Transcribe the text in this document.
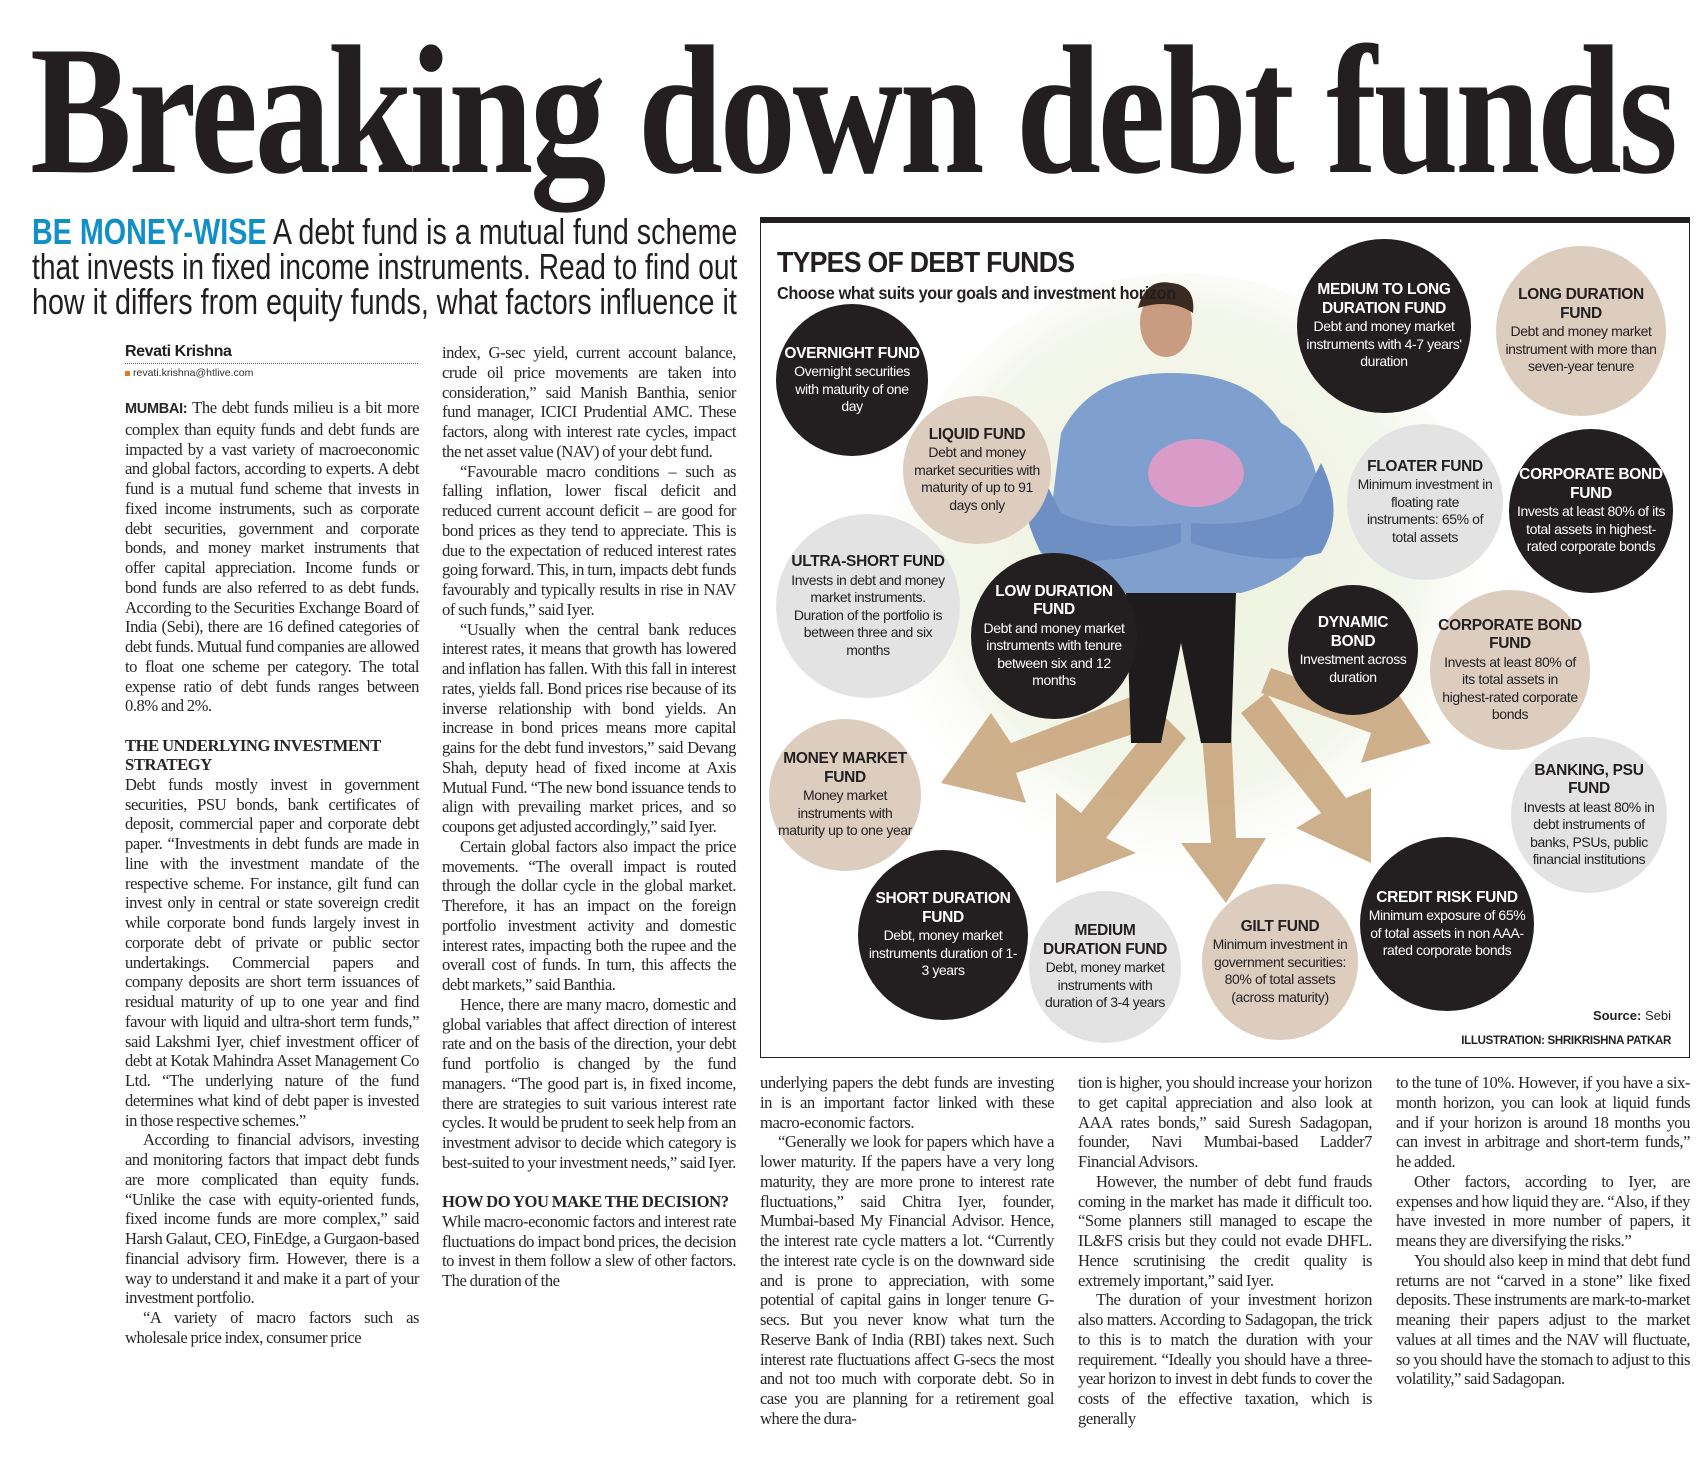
Breaking down debt funds
BE MONEY-WISE A debt fund is a mutual fund scheme
that invests in fixed income instruments. Read to find out
how it differs from equity funds, what factors influence it
Revati Krishna
revati.krishna@htlive.com

MUMBAI: The debt funds milieu is a bit more complex than equity funds and debt funds are impacted by a vast variety of macroeconomic and global factors, according to experts. A debt fund is a mutual fund scheme that invests in fixed income instruments, such as corporate debt securities, government and corporate bonds, and money market instruments that offer capital appreciation. Income funds or bond funds are also referred to as debt funds. According to the Securities Exchange Board of India (Sebi), there are 16 defined categories of debt funds. Mutual fund companies are allowed to float one scheme per category. The total expense ratio of debt funds ranges between 0.8% and 2%.

THE UNDERLYING INVESTMENT STRATEGY

Debt funds mostly invest in government securities, PSU bonds, bank certificates of deposit, commercial paper and corporate debt paper. “Investments in debt funds are made in line with the investment mandate of the respective scheme. For instance, gilt fund can invest only in central or state sovereign credit while corporate bond funds largely invest in corporate debt of private or public sector undertakings. Commercial papers and company deposits are short term issuances of residual maturity of up to one year and find favour with liquid and ultra-short term funds,” said Lakshmi Iyer, chief investment officer of debt at Kotak Mahindra Asset Management Co Ltd. “The underlying nature of the fund determines what kind of debt paper is invested in those respective schemes.”

According to financial advisors, investing and monitoring factors that impact debt funds are more complicated than equity funds. “Unlike the case with equity-oriented funds, fixed income funds are more complex,” said Harsh Galaut, CEO, FinEdge, a Gurgaon-based financial advisory firm. However, there is a way to understand it and make it a part of your investment portfolio.

“A variety of macro factors such as wholesale price index, consumer price

index, G-sec yield, current account balance, crude oil price movements are taken into consideration,” said Manish Banthia, senior fund manager, ICICI Prudential AMC. These factors, along with interest rate cycles, impact the net asset value (NAV) of your debt fund.

“Favourable macro conditions – such as falling inflation, lower fiscal deficit and reduced current account deficit – are good for bond prices as they tend to appreciate. This is due to the expectation of reduced interest rates going forward. This, in turn, impacts debt funds favourably and typically results in rise in NAV of such funds,” said Iyer.

“Usually when the central bank reduces interest rates, it means that growth has lowered and inflation has fallen. With this fall in interest rates, yields fall. Bond prices rise because of its inverse relationship with bond yields. An increase in bond prices means more capital gains for the debt fund investors,” said Devang Shah, deputy head of fixed income at Axis Mutual Fund. “The new bond issuance tends to align with prevailing market prices, and so coupons get adjusted accordingly,” said Iyer.

Certain global factors also impact the price movements. “The overall impact is routed through the dollar cycle in the global market. Therefore, it has an impact on the foreign portfolio investment activity and domestic interest rates, impacting both the rupee and the overall cost of funds. In turn, this affects the debt markets,” said Banthia.

Hence, there are many macro, domestic and global variables that affect direction of interest rate and on the basis of the direction, your debt fund portfolio is changed by the fund managers. “The good part is, in fixed income, there are strategies to suit various interest rate cycles. It would be prudent to seek help from an investment advisor to decide which category is best-suited to your investment needs,” said Iyer.

HOW DO YOU MAKE THE DECISION?

While macro-economic factors and interest rate fluctuations do impact bond prices, the decision to invest in them follow a slew of other factors. The duration of the

underlying papers the debt funds are investing in is an important factor linked with these macro-economic factors.

“Generally we look for papers which have a lower maturity. If the papers have a very long maturity, they are more prone to interest rate fluctuations,” said Chitra Iyer, founder, Mumbai-based My Financial Advisor. Hence, the interest rate cycle matters a lot. “Currently the interest rate cycle is on the downward side and is prone to appreciation, with some potential of capital gains in longer tenure G-secs. But you never know what turn the Reserve Bank of India (RBI) takes next. Such interest rate fluctuations affect G-secs the most and not too much with corporate debt. So in case you are planning for a retirement goal where the dura-

tion is higher, you should increase your horizon to get capital appreciation and also look at AAA rates bonds,” said Suresh Sadagopan, founder, Navi Mumbai-based Ladder7 Financial Advisors.

However, the number of debt fund frauds coming in the market has made it difficult too. “Some planners still managed to escape the IL&FS crisis but they could not evade DHFL. Hence scrutinising the credit quality is extremely important,” said Iyer.

The duration of your investment horizon also matters. According to Sadagopan, the trick to this is to match the duration with your requirement. “Ideally you should have a three-year horizon to invest in debt funds to cover the costs of the effective taxation, which is generally

to the tune of 10%. However, if you have a six-month horizon, you can look at liquid funds and if your horizon is around 18 months you can invest in arbitrage and short-term funds,” he added.

Other factors, according to Iyer, are expenses and how liquid they are. “Also, if they have invested in more number of papers, it means they are diversifying the risks.”

You should also keep in mind that debt fund returns are not “carved in a stone” like fixed deposits. These instruments are mark-to-market meaning their papers adjust to the market values at all times and the NAV will fluctuate, so you should have the stomach to adjust to this volatility,” said Sadagopan.

TYPES OF DEBT FUNDS
Choose what suits your goals and investment horizon
OVERNIGHT FUND
Overnight securities with maturity of one day
LIQUID FUND
Debt and money market securities with maturity of up to 91 days only
ULTRA-SHORT FUND
Invests in debt and money market instruments. Duration of the portfolio is between three and six months
LOW DURATION FUND
Debt and money market instruments with tenure between six and 12 months
MONEY MARKET FUND
Money market instruments with maturity up to one year
SHORT DURATION FUND
Debt, money market instruments duration of 1-3 years
MEDIUM DURATION FUND
Debt, money market instruments with duration of 3-4 years
GILT FUND
Minimum investment in government securities: 80% of total assets (across maturity)
CREDIT RISK FUND
Minimum exposure of 65% of total assets in non AAA-rated corporate bonds
BANKING, PSU FUND
Invests at least 80% in debt instruments of banks, PSUs, public financial institutions
CORPORATE BOND FUND
Invests at least 80% of its total assets in highest-rated corporate bonds
DYNAMIC BOND
Investment across duration
FLOATER FUND
Minimum investment in floating rate instruments: 65% of total assets
CORPORATE BOND FUND
Invests at least 80% of its total assets in highest-rated corporate bonds
MEDIUM TO LONG DURATION FUND
Debt and money market instruments with 4-7 years' duration
LONG DURATION FUND
Debt and money market instrument with more than seven-year tenure
Source: Sebi
ILLUSTRATION: SHRIKRISHNA PATKAR
